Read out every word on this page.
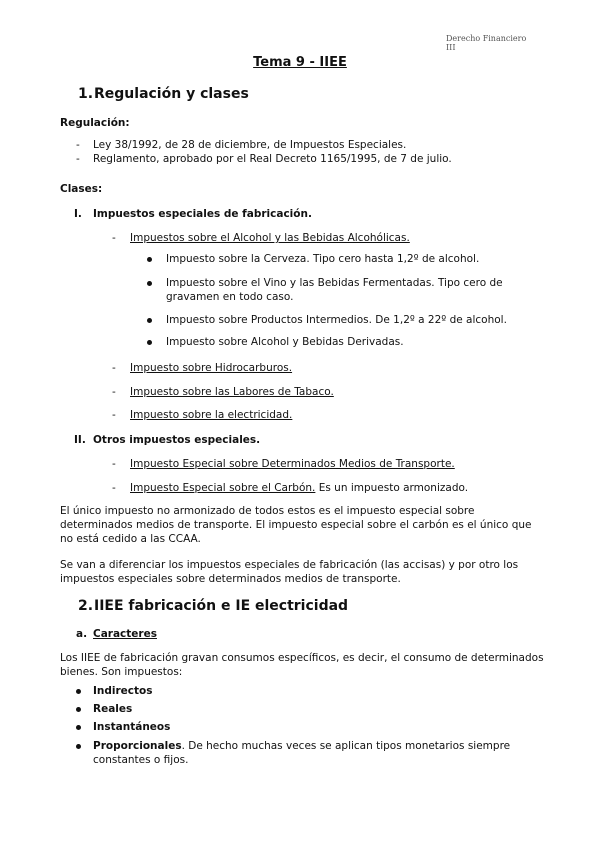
Derecho Financiero
III
Tema 9 - IIEE
1. Regulación y clases
Regulación:
- Ley 38/1992, de 28 de diciembre, de Impuestos Especiales.
- Reglamento, aprobado por el Real Decreto 1165/1995, de 7 de julio.
Clases:
I. Impuestos especiales de fabricación.
- Impuestos sobre el Alcohol y las Bebidas Alcohólicas.
Impuesto sobre la Cerveza. Tipo cero hasta 1,2º de alcohol.
Impuesto sobre el Vino y las Bebidas Fermentadas. Tipo cero de
gravamen en todo caso.
Impuesto sobre Productos Intermedios. De 1,2º a 22º de alcohol.
Impuesto sobre Alcohol y Bebidas Derivadas.
- Impuesto sobre Hidrocarburos.
- Impuesto sobre las Labores de Tabaco.
- Impuesto sobre la electricidad.
II. Otros impuestos especiales.
- Impuesto Especial sobre Determinados Medios de Transporte.
- Impuesto Especial sobre el Carbón. Es un impuesto armonizado.
El único impuesto no armonizado de todos estos es el impuesto especial sobre determinados medios de transporte. El impuesto especial sobre el carbón es el único que no está cedido a las CCAA.
Se van a diferenciar los impuestos especiales de fabricación (las accisas) y por otro los impuestos especiales sobre determinados medios de transporte.
2. IIEE fabricación e IE electricidad
a. Caracteres
Los IIEE de fabricación gravan consumos específicos, es decir, el consumo de determinados bienes. Son impuestos:
Indirectos
Reales
Instantáneos
Proporcionales. De hecho muchas veces se aplican tipos monetarios siempre constantes o fijos.
